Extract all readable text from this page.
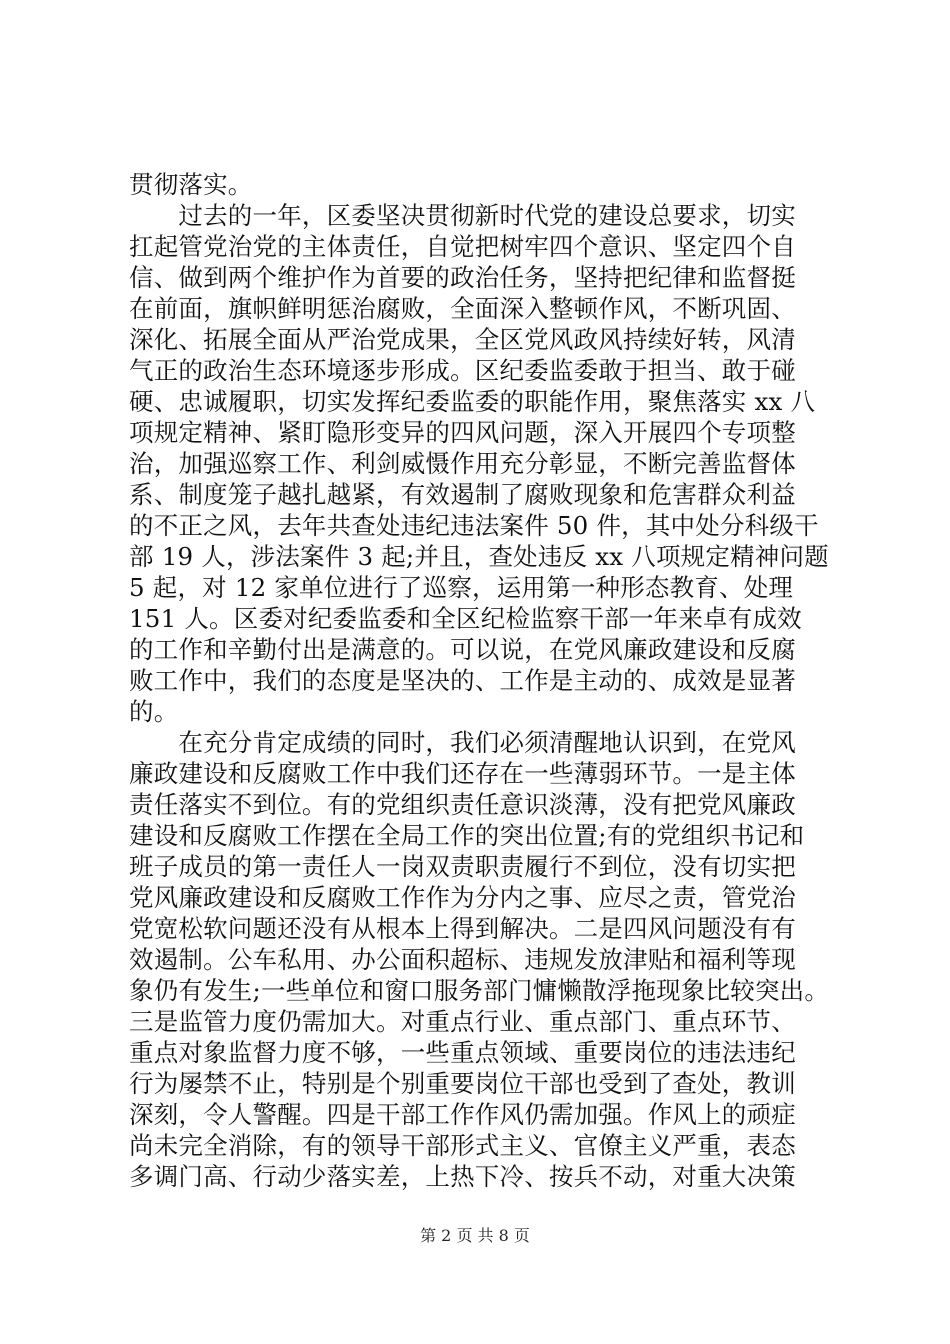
贯彻落实。
　　过去的一年，区委坚决贯彻新时代党的建设总要求，切实
扛起管党治党的主体责任，自觉把树牢四个意识、坚定四个自
信、做到两个维护作为首要的政治任务，坚持把纪律和监督挺
在前面，旗帜鲜明惩治腐败，全面深入整顿作风，不断巩固、
深化、拓展全面从严治党成果，全区党风政风持续好转，风清
气正的政治生态环境逐步形成。区纪委监委敢于担当、敢于碰
硬、忠诚履职，切实发挥纪委监委的职能作用，聚焦落实 xx 八
项规定精神、紧盯隐形变异的四风问题，深入开展四个专项整
治，加强巡察工作、利剑威慑作用充分彰显，不断完善监督体
系、制度笼子越扎越紧，有效遏制了腐败现象和危害群众利益
的不正之风，去年共查处违纪违法案件 50 件，其中处分科级干
部 19 人，涉法案件 3 起;并且，查处违反 xx 八项规定精神问题
5 起，对 12 家单位进行了巡察，运用第一种形态教育、处理
151 人。区委对纪委监委和全区纪检监察干部一年来卓有成效
的工作和辛勤付出是满意的。可以说，在党风廉政建设和反腐
败工作中，我们的态度是坚决的、工作是主动的、成效是显著
的。
　　在充分肯定成绩的同时，我们必须清醒地认识到，在党风
廉政建设和反腐败工作中我们还存在一些薄弱环节。一是主体
责任落实不到位。有的党组织责任意识淡薄，没有把党风廉政
建设和反腐败工作摆在全局工作的突出位置;有的党组织书记和
班子成员的第一责任人一岗双责职责履行不到位，没有切实把
党风廉政建设和反腐败工作作为分内之事、应尽之责，管党治
党宽松软问题还没有从根本上得到解决。二是四风问题没有有
效遏制。公车私用、办公面积超标、违规发放津贴和福利等现
象仍有发生;一些单位和窗口服务部门慵懒散浮拖现象比较突出。
三是监管力度仍需加大。对重点行业、重点部门、重点环节、
重点对象监督力度不够，一些重点领域、重要岗位的违法违纪
行为屡禁不止，特别是个别重要岗位干部也受到了查处，教训
深刻，令人警醒。四是干部工作作风仍需加强。作风上的顽症
尚未完全消除，有的领导干部形式主义、官僚主义严重，表态
多调门高、行动少落实差，上热下冷、按兵不动，对重大决策
第 2 页 共 8 页
